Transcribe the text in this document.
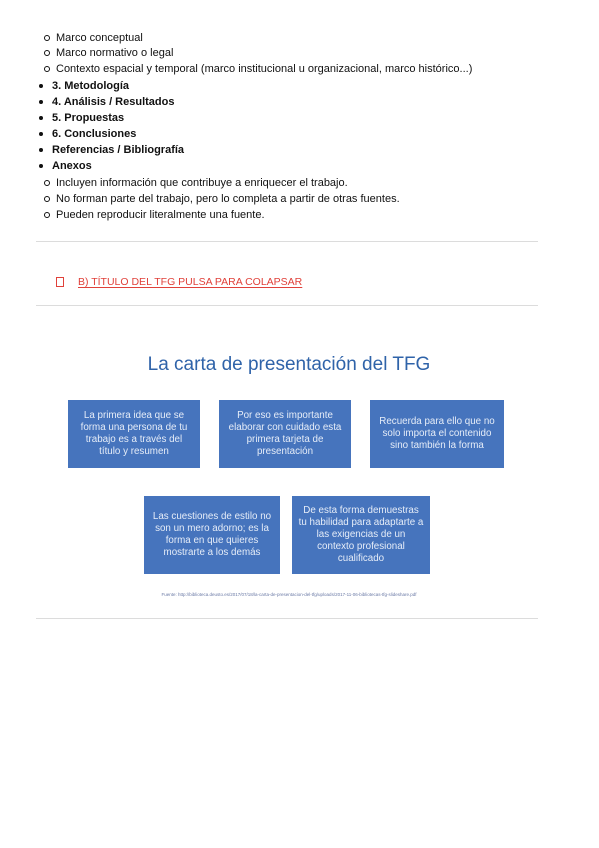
Marco conceptual
Marco normativo o legal
Contexto espacial y temporal (marco institucional u organizacional, marco histórico...)
3. Metodología
4. Análisis / Resultados
5. Propuestas
6. Conclusiones
Referencias / Bibliografía
Anexos
Incluyen información que contribuye a enriquecer el trabajo.
No forman parte del trabajo, pero lo completa a partir de otras fuentes.
Pueden reproducir literalmente una fuente.
B) TÍTULO DEL TFG PULSA PARA COLAPSAR
La carta de presentación del TFG
La primera idea que se forma una persona de tu trabajo es a través del título y resumen
Por eso es importante elaborar con cuidado esta primera tarjeta de presentación
Recuerda para ello que no solo importa el contenido sino también la forma
Las cuestiones de estilo no son un mero adorno; es la forma en que quieres mostrarte a los demás
De esta forma demuestras tu habilidad para adaptarte a las exigencias de un contexto profesional cualificado
Fuente: http://biblioteca.deusto.es/2017/07/18/la-carta-de-presentacion-del-tfg/uploads/2017-11-06-bibliotecas-tfg-slideshare.pdf
